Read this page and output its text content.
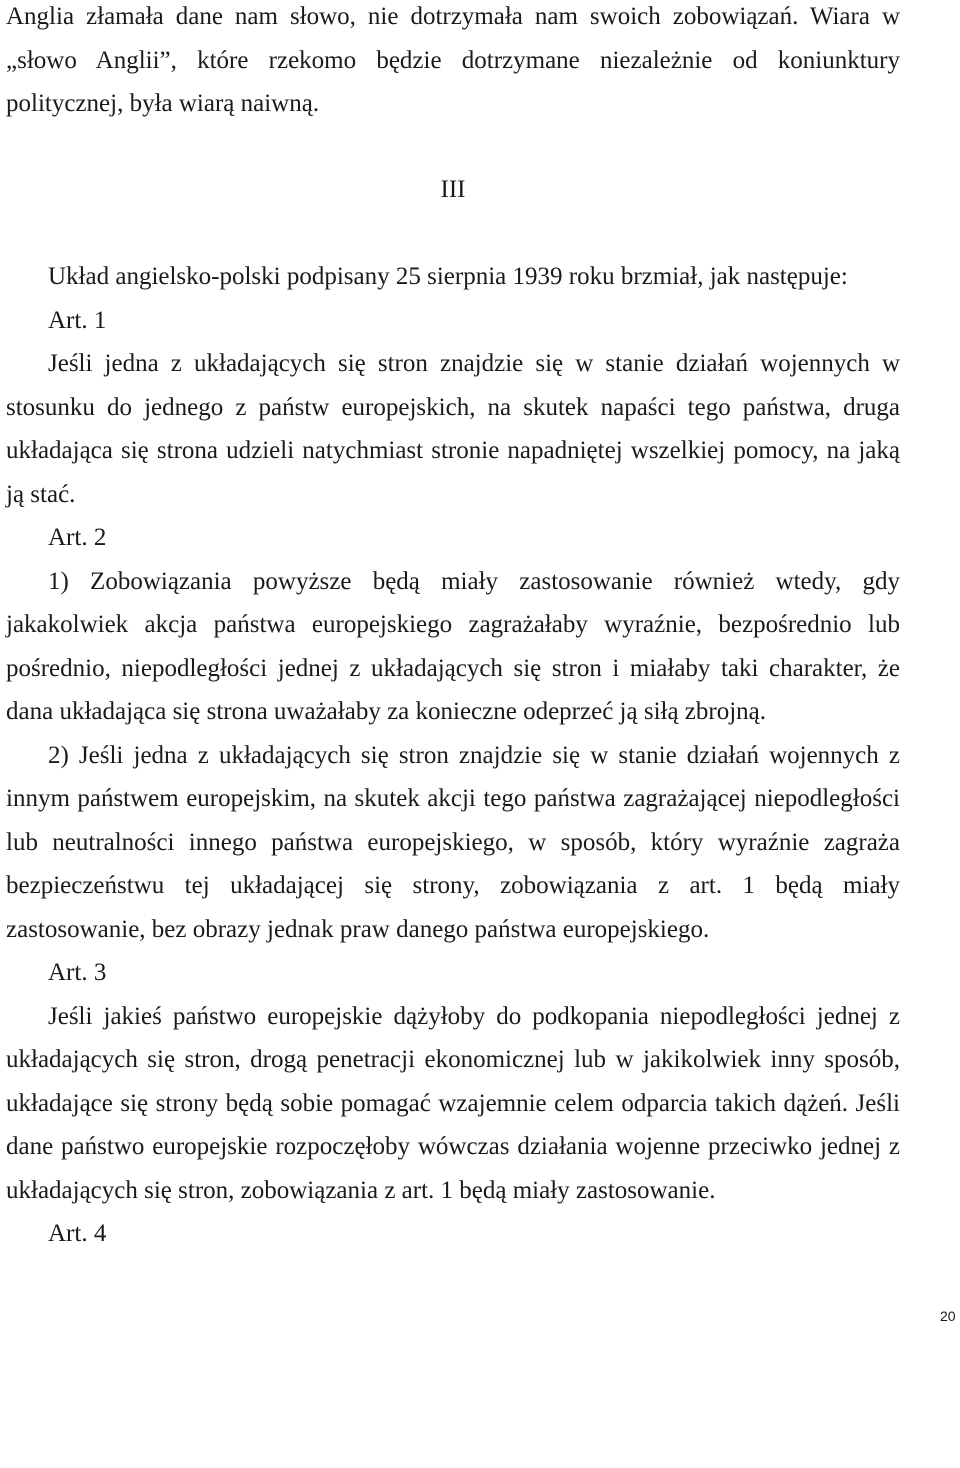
Anglia złamała dane nam słowo, nie dotrzymała nam swoich zobowiązań. Wiara w „słowo Anglii”, które rzekomo będzie dotrzymane niezależnie od koniunktury politycznej, była wiarą naiwną.

III

Układ angielsko-polski podpisany 25 sierpnia 1939 roku brzmiał, jak następuje:

Art. 1

Jeśli jedna z układających się stron znajdzie się w stanie działań wojennych w stosunku do jednego z państw europejskich, na skutek napaści tego państwa, druga układająca się strona udzieli natychmiast stronie napadniętej wszelkiej pomocy, na jaką ją stać.

Art. 2

1) Zobowiązania powyższe będą miały zastosowanie również wtedy, gdy jakakolwiek akcja państwa europejskiego zagrażałaby wyraźnie, bezpośrednio lub pośrednio, niepodległości jednej z układających się stron i miałaby taki charakter, że dana układająca się strona uważałaby za konieczne odeprzeć ją siłą zbrojną.

2) Jeśli jedna z układających się stron znajdzie się w stanie działań wojennych z innym państwem europejskim, na skutek akcji tego państwa zagrażającej niepodległości lub neutralności innego państwa europejskiego, w sposób, który wyraźnie zagraża bezpieczeństwu tej układającej się strony, zobowiązania z art. 1 będą miały zastosowanie, bez obrazy jednak praw danego państwa europejskiego.

Art. 3

Jeśli jakieś państwo europejskie dążyłoby do podkopania niepodległości jednej z układających się stron, drogą penetracji ekonomicznej lub w jakikolwiek inny sposób, układające się strony będą sobie pomagać wzajemnie celem odparcia takich dążeń. Jeśli dane państwo europejskie rozpoczęłoby wówczas działania wojenne przeciwko jednej z układających się stron, zobowiązania z art. 1 będą miały zastosowanie.

Art. 4

20
